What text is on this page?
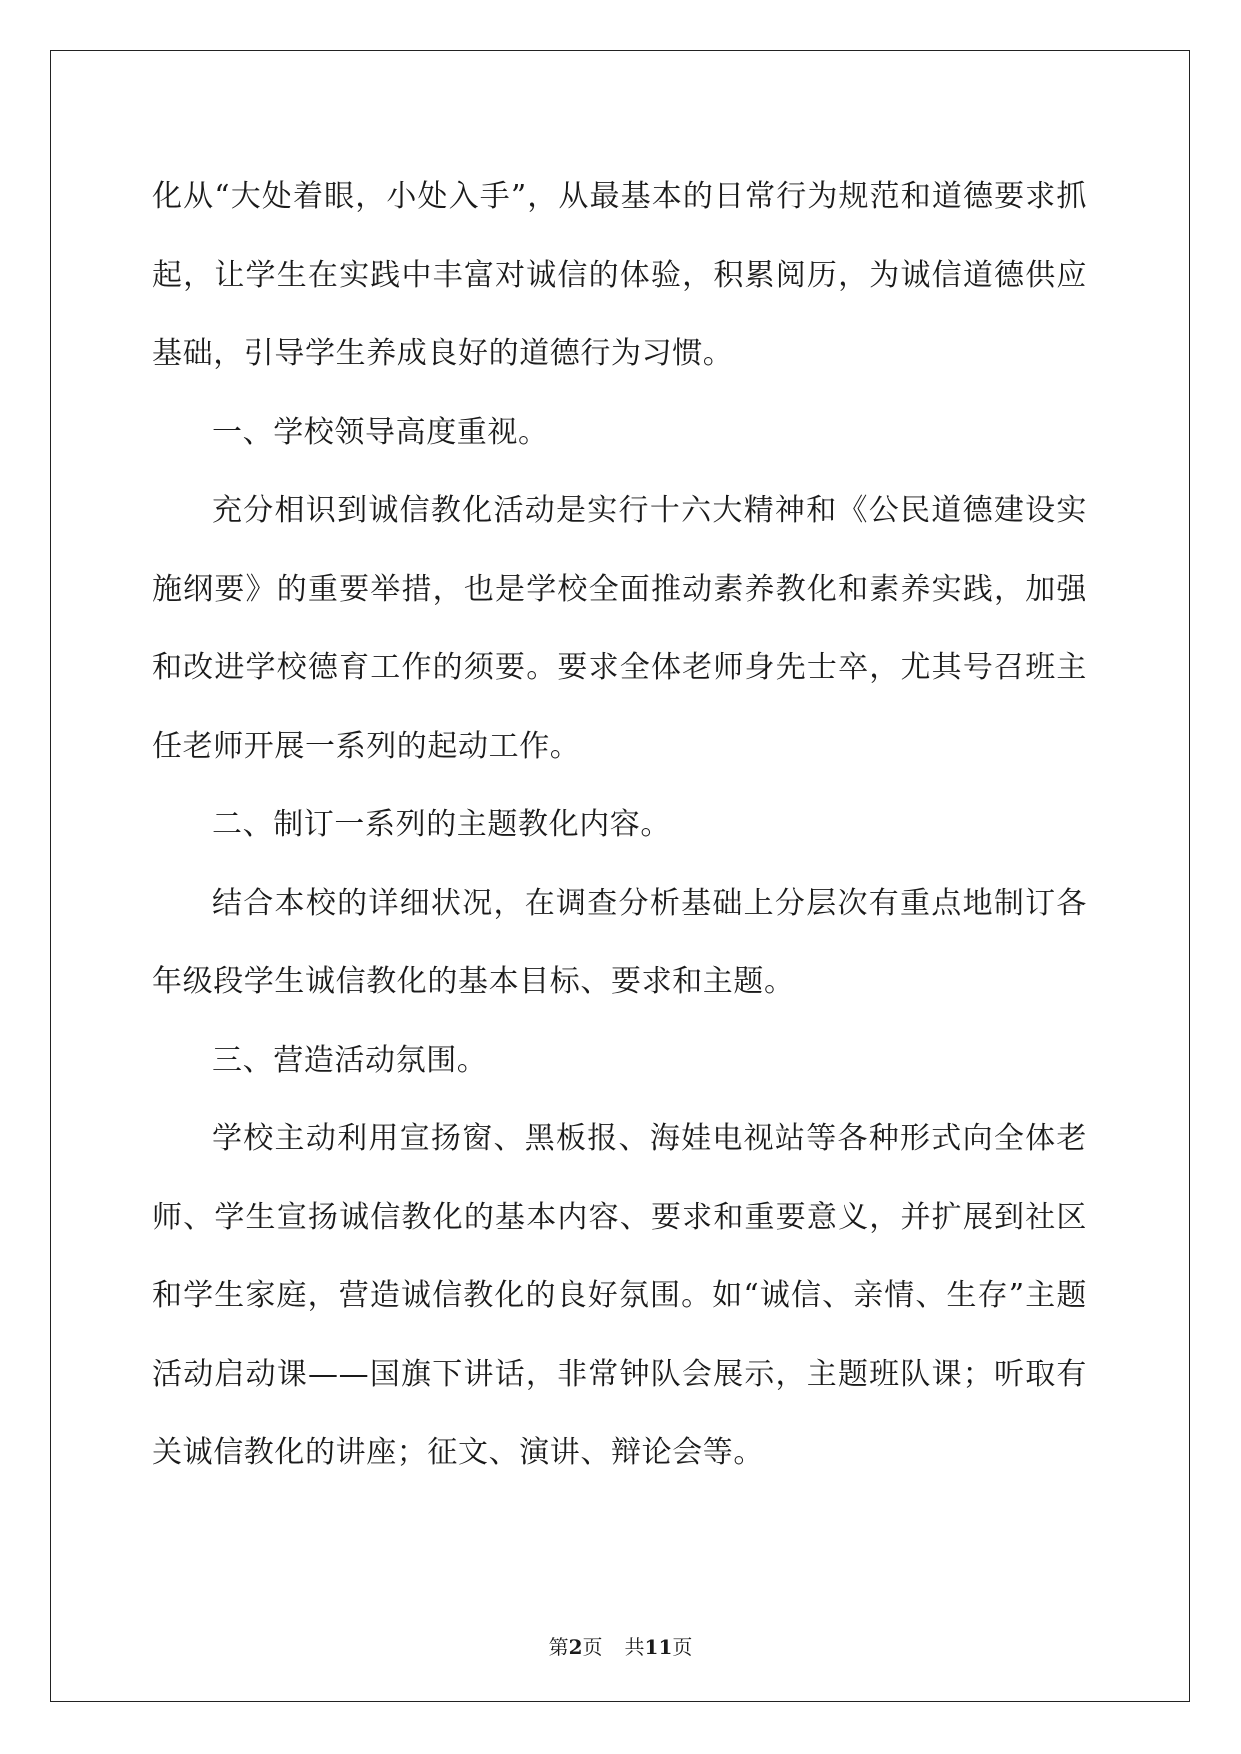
化从“大处着眼，小处入手”，从最基本的日常行为规范和道德要求抓起，让学生在实践中丰富对诚信的体验，积累阅历，为诚信道德供应基础，引导学生养成良好的道德行为习惯。

一、学校领导高度重视。

充分相识到诚信教化活动是实行十六大精神和《公民道德建设实施纲要》的重要举措，也是学校全面推动素养教化和素养实践，加强和改进学校德育工作的须要。要求全体老师身先士卒，尤其号召班主任老师开展一系列的起动工作。

二、制订一系列的主题教化内容。

结合本校的详细状况，在调查分析基础上分层次有重点地制订各年级段学生诚信教化的基本目标、要求和主题。

三、营造活动氛围。

学校主动利用宣扬窗、黑板报、海娃电视站等各种形式向全体老师、学生宣扬诚信教化的基本内容、要求和重要意义，并扩展到社区和学生家庭，营造诚信教化的良好氛围。如“诚信、亲情、生存”主题活动启动课——国旗下讲话，非常钟队会展示，主题班队课；听取有关诚信教化的讲座；征文、演讲、辩论会等。

第2页 共11页
